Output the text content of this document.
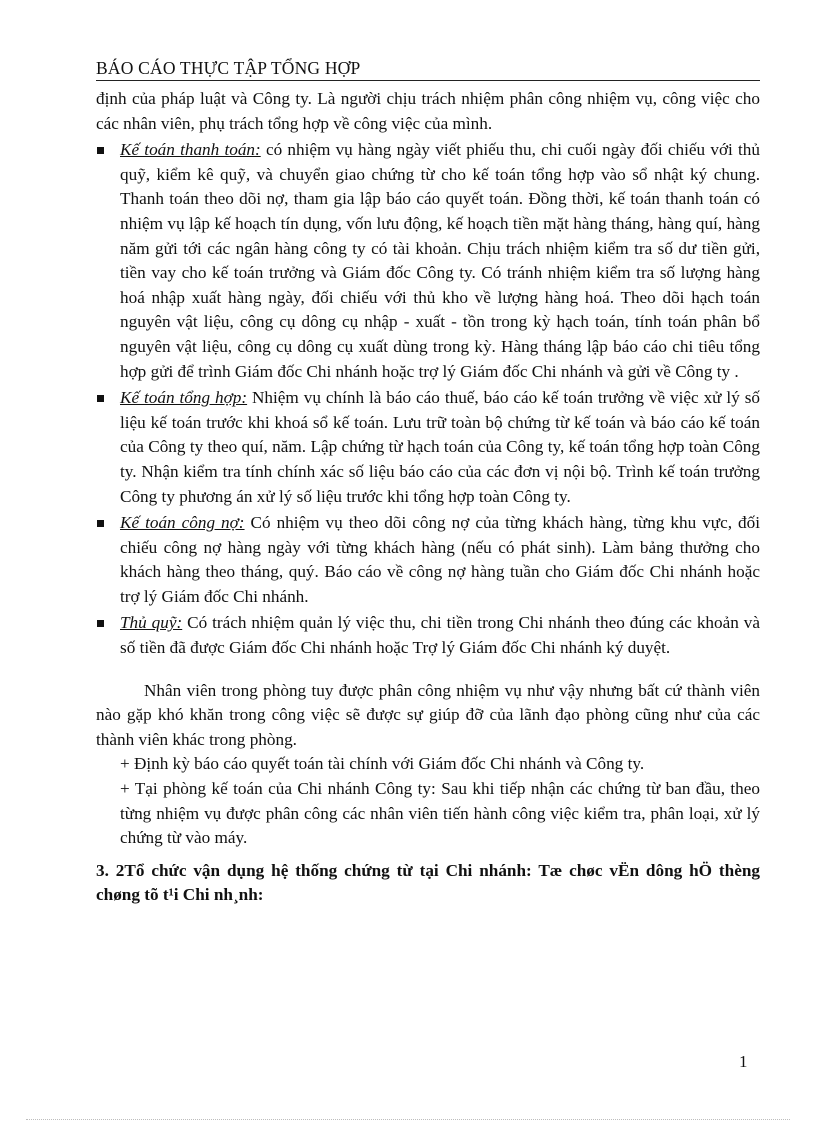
BÁO CÁO THỰC TẬP TỔNG HỢP

định của pháp luật và Công ty. Là người chịu trách nhiệm phân công nhiệm vụ, công việc cho các nhân viên, phụ trách tổng hợp về công việc của mình.

Kế toán thanh toán: có nhiệm vụ hàng ngày viết phiếu thu, chi cuối ngày đối chiếu với thủ quỹ, kiểm kê quỹ, và chuyển giao chứng từ cho kế toán tổng hợp vào sổ nhật ký chung. Thanh toán theo dõi nợ, tham gia lập báo cáo quyết toán. Đồng thời, kế toán thanh toán có nhiệm vụ lập kế hoạch tín dụng, vốn lưu động, kế hoạch tiền mặt hàng tháng, hàng quí, hàng năm gửi tới các ngân hàng công ty có tài khoản. Chịu trách nhiệm kiểm tra số dư tiền gửi, tiền vay cho kế toán trưởng và Giám đốc Công ty. Có tránh nhiệm kiểm tra số lượng hàng hoá nhập xuất hàng ngày, đối chiếu với thủ kho về lượng hàng hoá. Theo dõi hạch toán nguyên vật liệu, công cụ dông cụ nhập - xuất - tồn trong kỳ hạch toán, tính toán phân bổ nguyên vật liệu, công cụ dông cụ xuất dùng trong kỳ. Hàng tháng lập báo cáo chi tiêu tổng hợp gửi để trình Giám đốc Chi nhánh hoặc trợ lý Giám đốc Chi nhánh và gửi về Công ty .
Kế toán tổng hợp: Nhiệm vụ chính là báo cáo thuế, báo cáo kế toán trưởng về việc xử lý số liệu kế toán trước khi khoá sổ kế toán. Lưu trữ toàn bộ chứng từ kế toán và báo cáo kế toán của Công ty theo quí, năm. Lập chứng từ hạch toán của Công ty, kế toán tổng hợp toàn Công ty. Nhận kiểm tra tính chính xác số liệu báo cáo của các đơn vị nội bộ. Trình kế toán trưởng Công ty phương án xử lý số liệu trước khi tổng hợp toàn Công ty.
Kế toán công nợ: Có nhiệm vụ theo dõi công nợ của từng khách hàng, từng khu vực, đối chiếu công nợ hàng ngày với từng khách hàng (nếu có phát sinh). Làm bảng thưởng cho khách hàng theo tháng, quý. Báo cáo về công nợ hàng tuần cho Giám đốc Chi nhánh hoặc trợ lý Giám đốc Chi nhánh.
Thủ quỹ: Có trách nhiệm quản lý việc thu, chi tiền trong Chi nhánh theo đúng các khoản và số tiền đã được Giám đốc Chi nhánh hoặc Trợ lý Giám đốc Chi nhánh ký duyệt.

Nhân viên trong phòng tuy được phân công nhiệm vụ như vậy nhưng bất cứ thành viên nào gặp khó khăn trong công việc sẽ được sự giúp đỡ của lãnh đạo phòng cũng như của các thành viên khác trong phòng.

+ Định kỳ báo cáo quyết toán tài chính với Giám đốc Chi nhánh và Công ty.

+ Tại phòng kế toán của Chi nhánh Công ty: Sau khi tiếp nhận các chứng từ ban đầu, theo từng nhiệm vụ được phân công các nhân viên tiến hành công việc kiểm tra, phân loại, xử lý chứng từ vào máy.

3. 2Tổ chức vận dụng hệ thống chứng từ tại Chi nhánh: Tæ chøc vËn dông hÖ thèng chøng tõ t¹i Chi nh¸nh:

1
